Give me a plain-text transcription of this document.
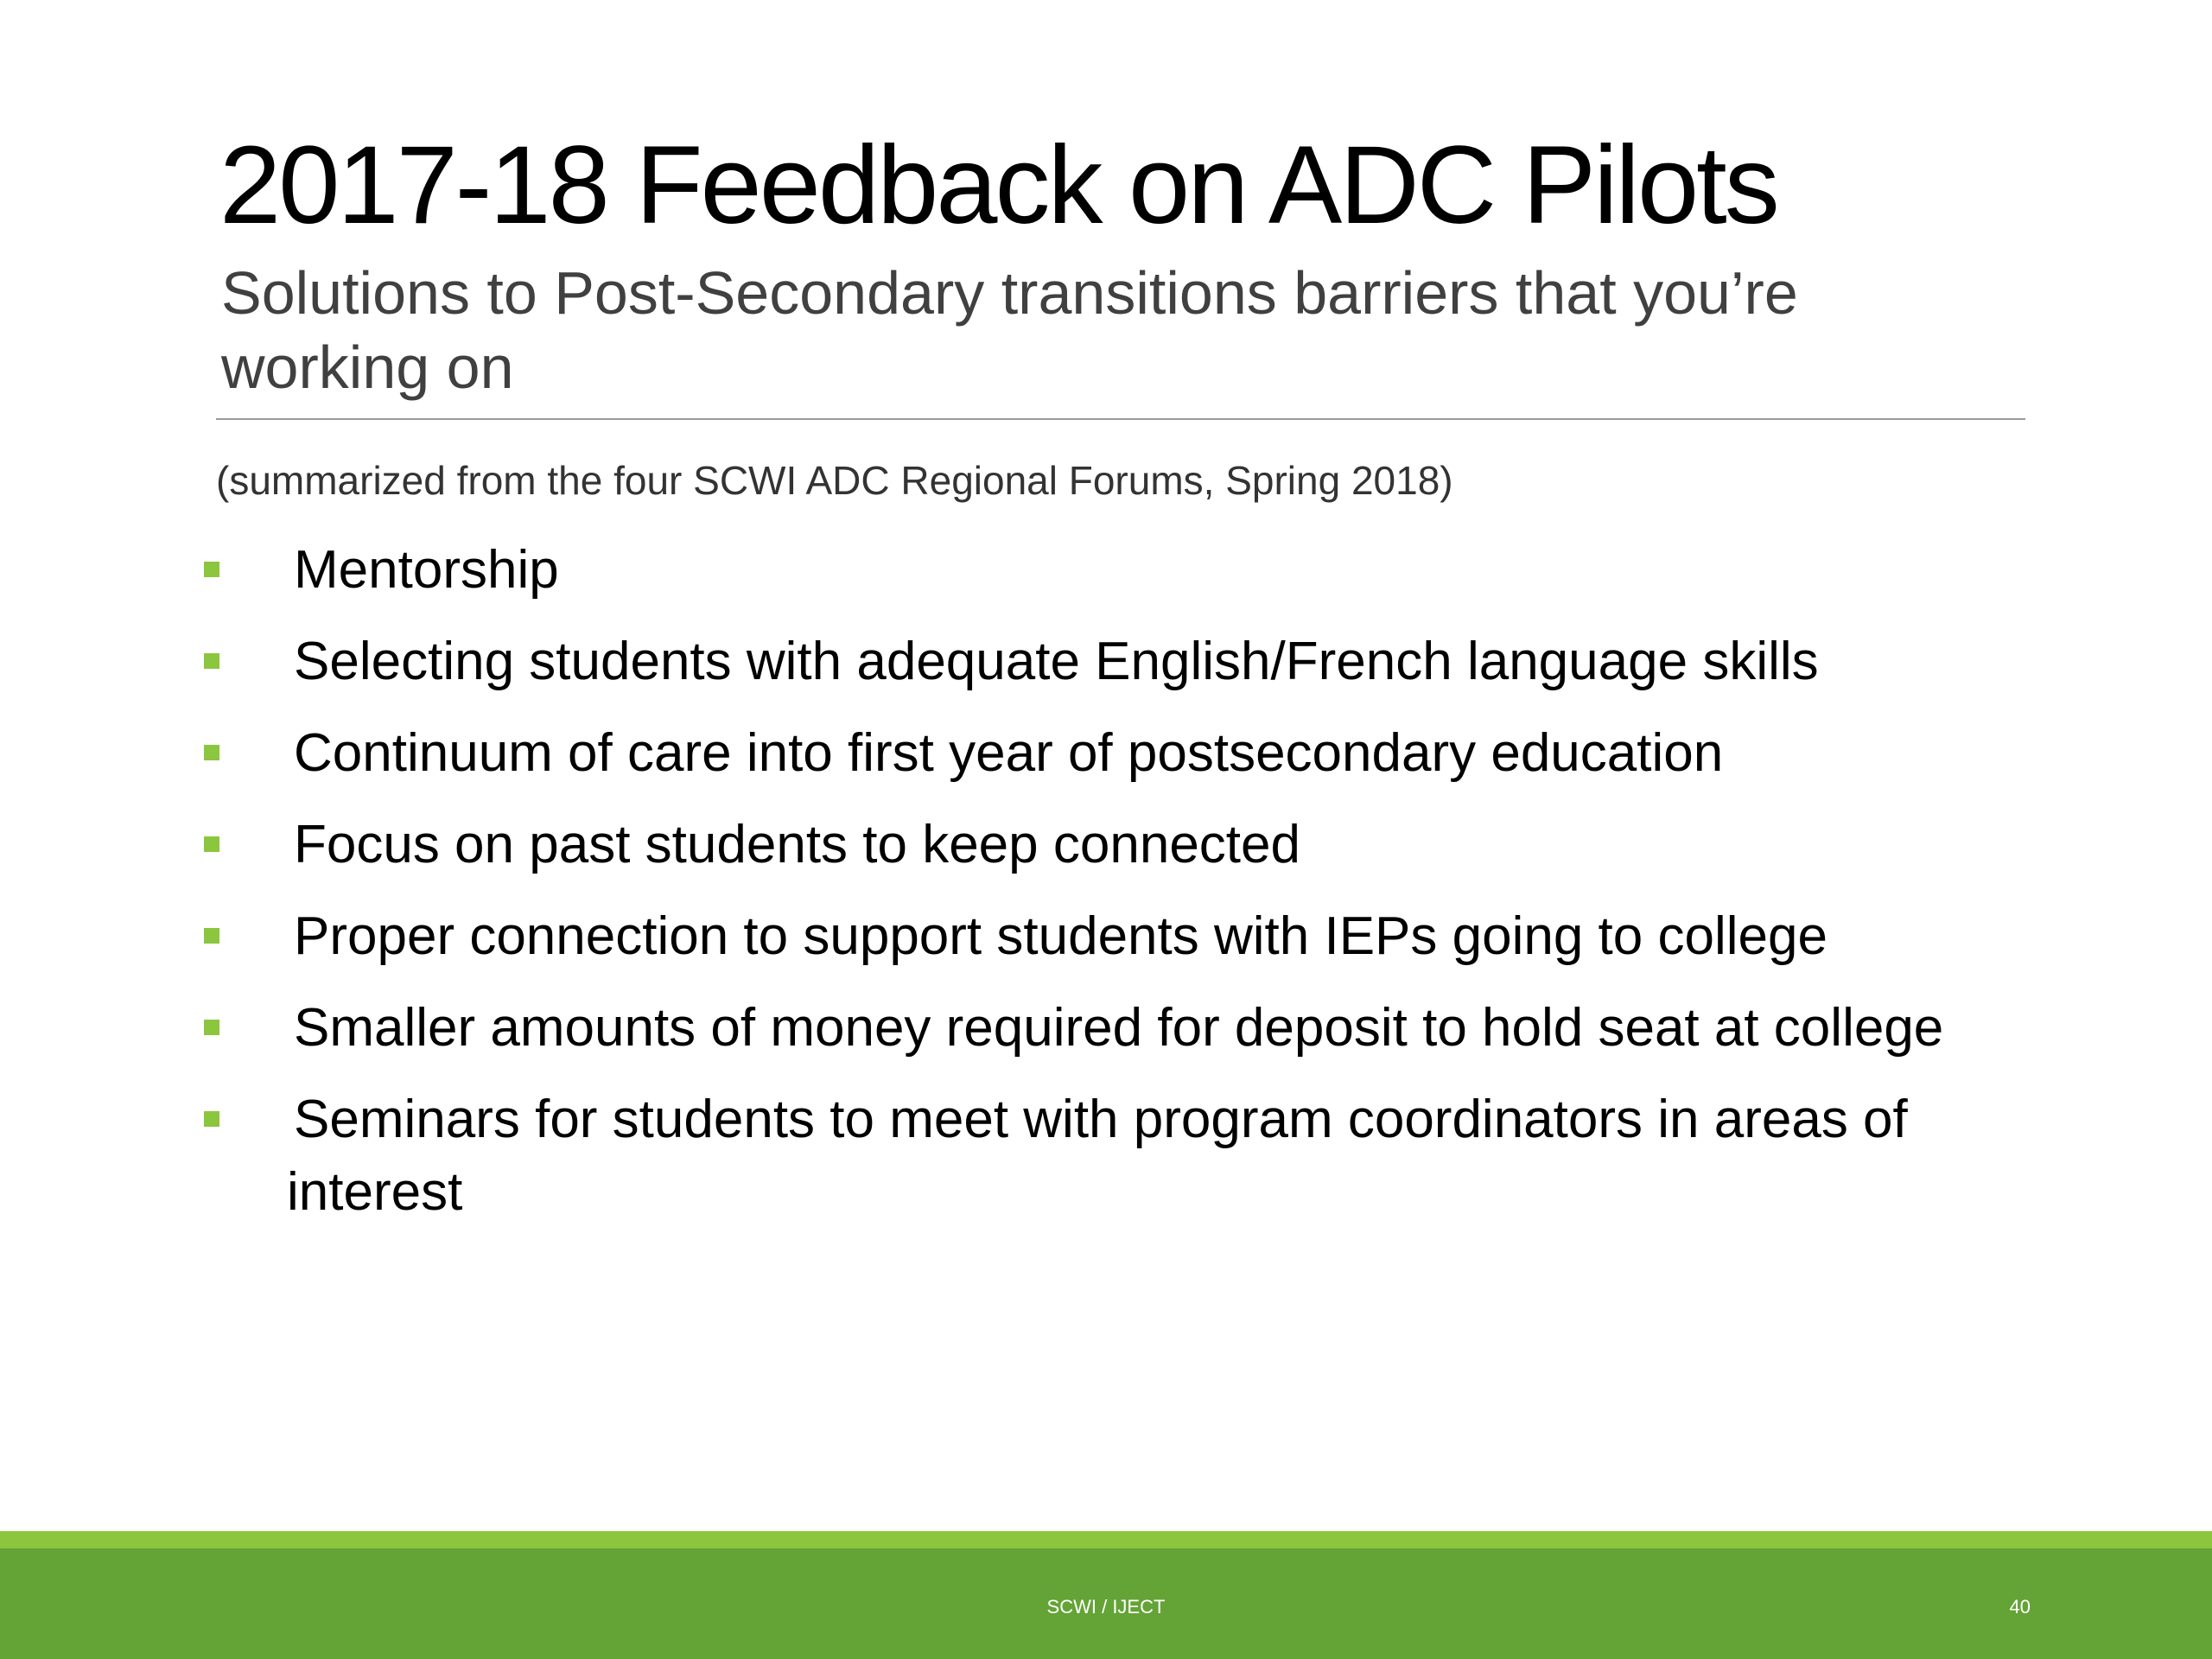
2017-18 Feedback on ADC Pilots
Solutions to Post-Secondary transitions barriers that you’re working on
(summarized from the four SCWI ADC Regional Forums, Spring 2018)
Mentorship
Selecting students with adequate English/French language skills
Continuum of care into first year of postsecondary education
Focus on past students to keep connected
Proper connection to support students with IEPs going to college
Smaller amounts of money required for deposit to hold seat at college
Seminars for students to meet with program coordinators in areas of interest
SCWI / IJECT	40
